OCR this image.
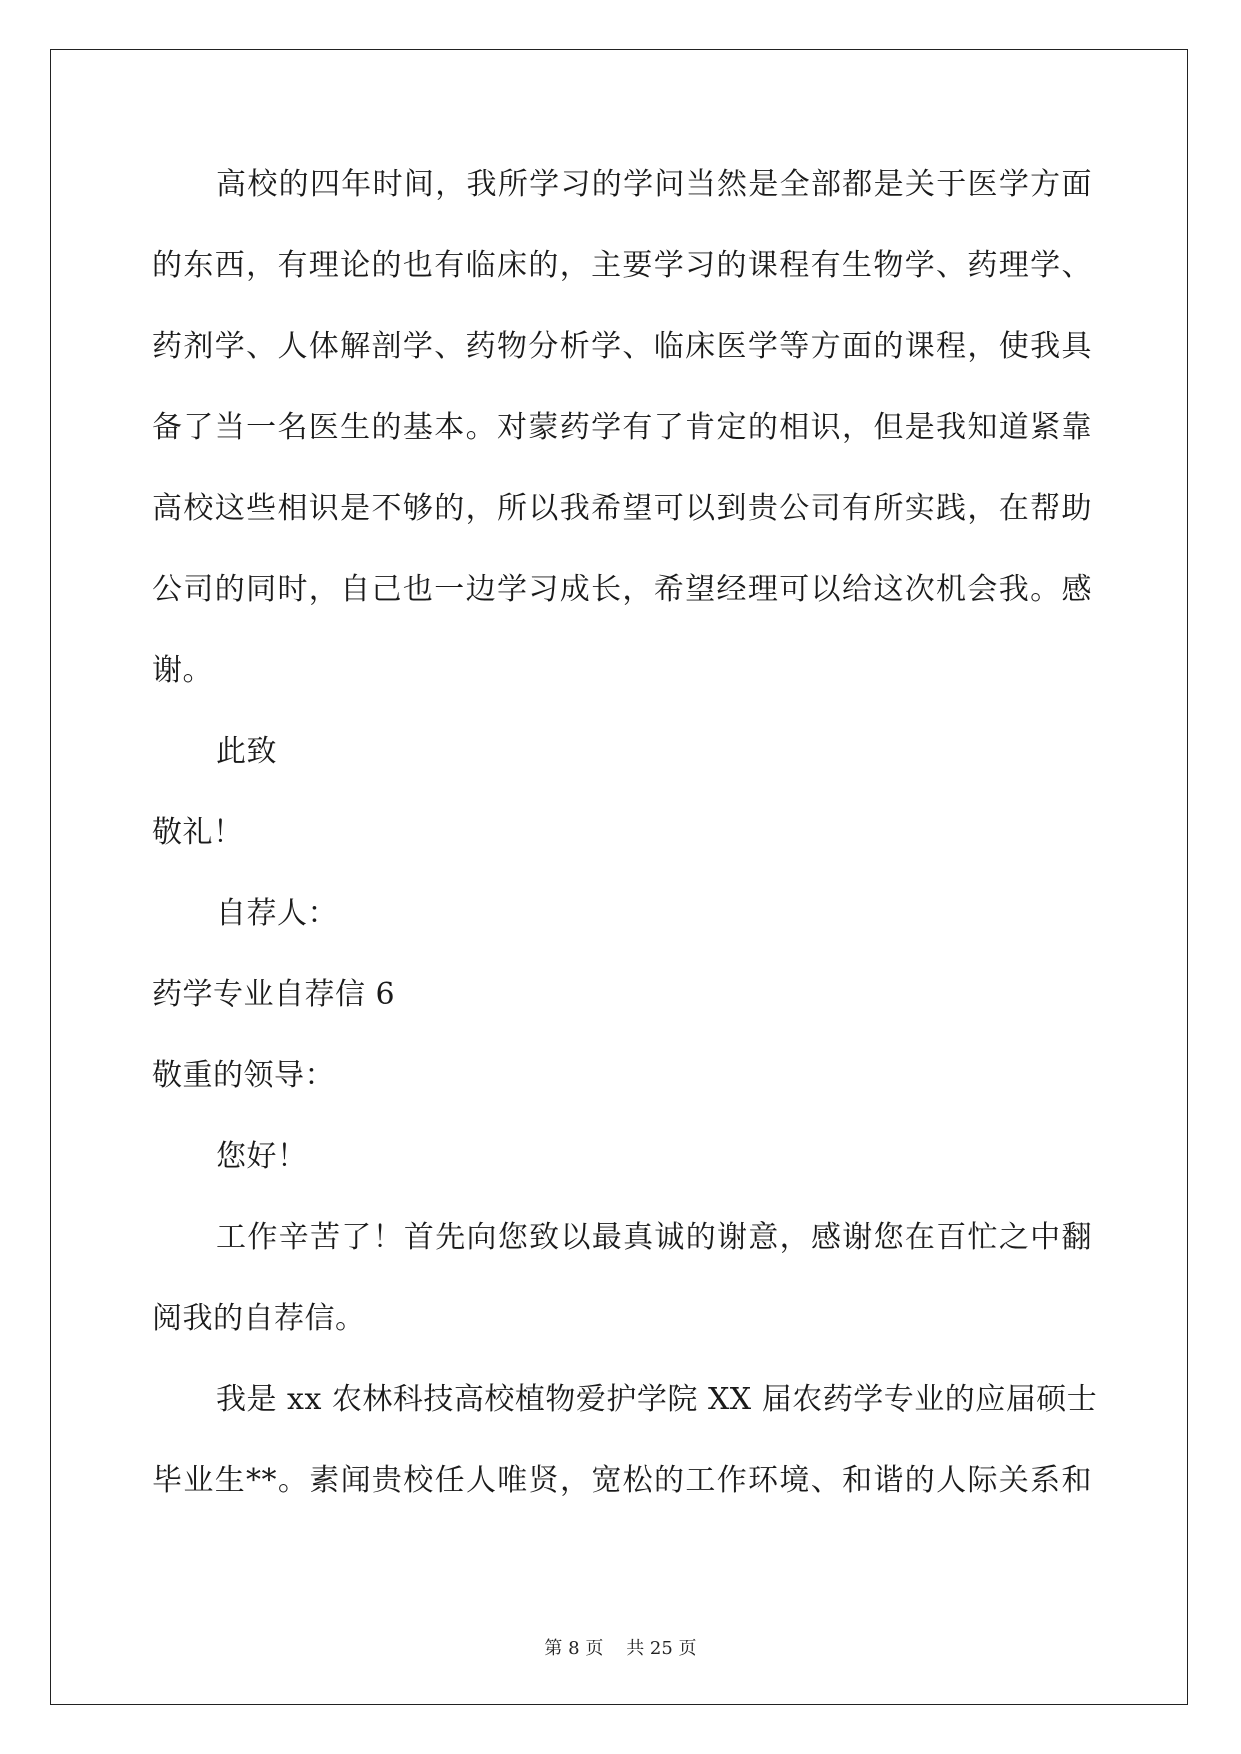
高校的四年时间，我所学习的学问当然是全部都是关于医学方面
的东西，有理论的也有临床的，主要学习的课程有生物学、药理学、
药剂学、人体解剖学、药物分析学、临床医学等方面的课程，使我具
备了当一名医生的基本。对蒙药学有了肯定的相识，但是我知道紧靠
高校这些相识是不够的，所以我希望可以到贵公司有所实践，在帮助
公司的同时，自己也一边学习成长，希望经理可以给这次机会我。感
谢。
此致
敬礼！
自荐人：
药学专业自荐信 6
敬重的领导：
您好！
工作辛苦了！首先向您致以最真诚的谢意，感谢您在百忙之中翻
阅我的自荐信。
我是 xx 农林科技高校植物爱护学院 XX 届农药学专业的应届硕士
毕业生**。素闻贵校任人唯贤，宽松的工作环境、和谐的人际关系和
第 8 页    共 25 页
